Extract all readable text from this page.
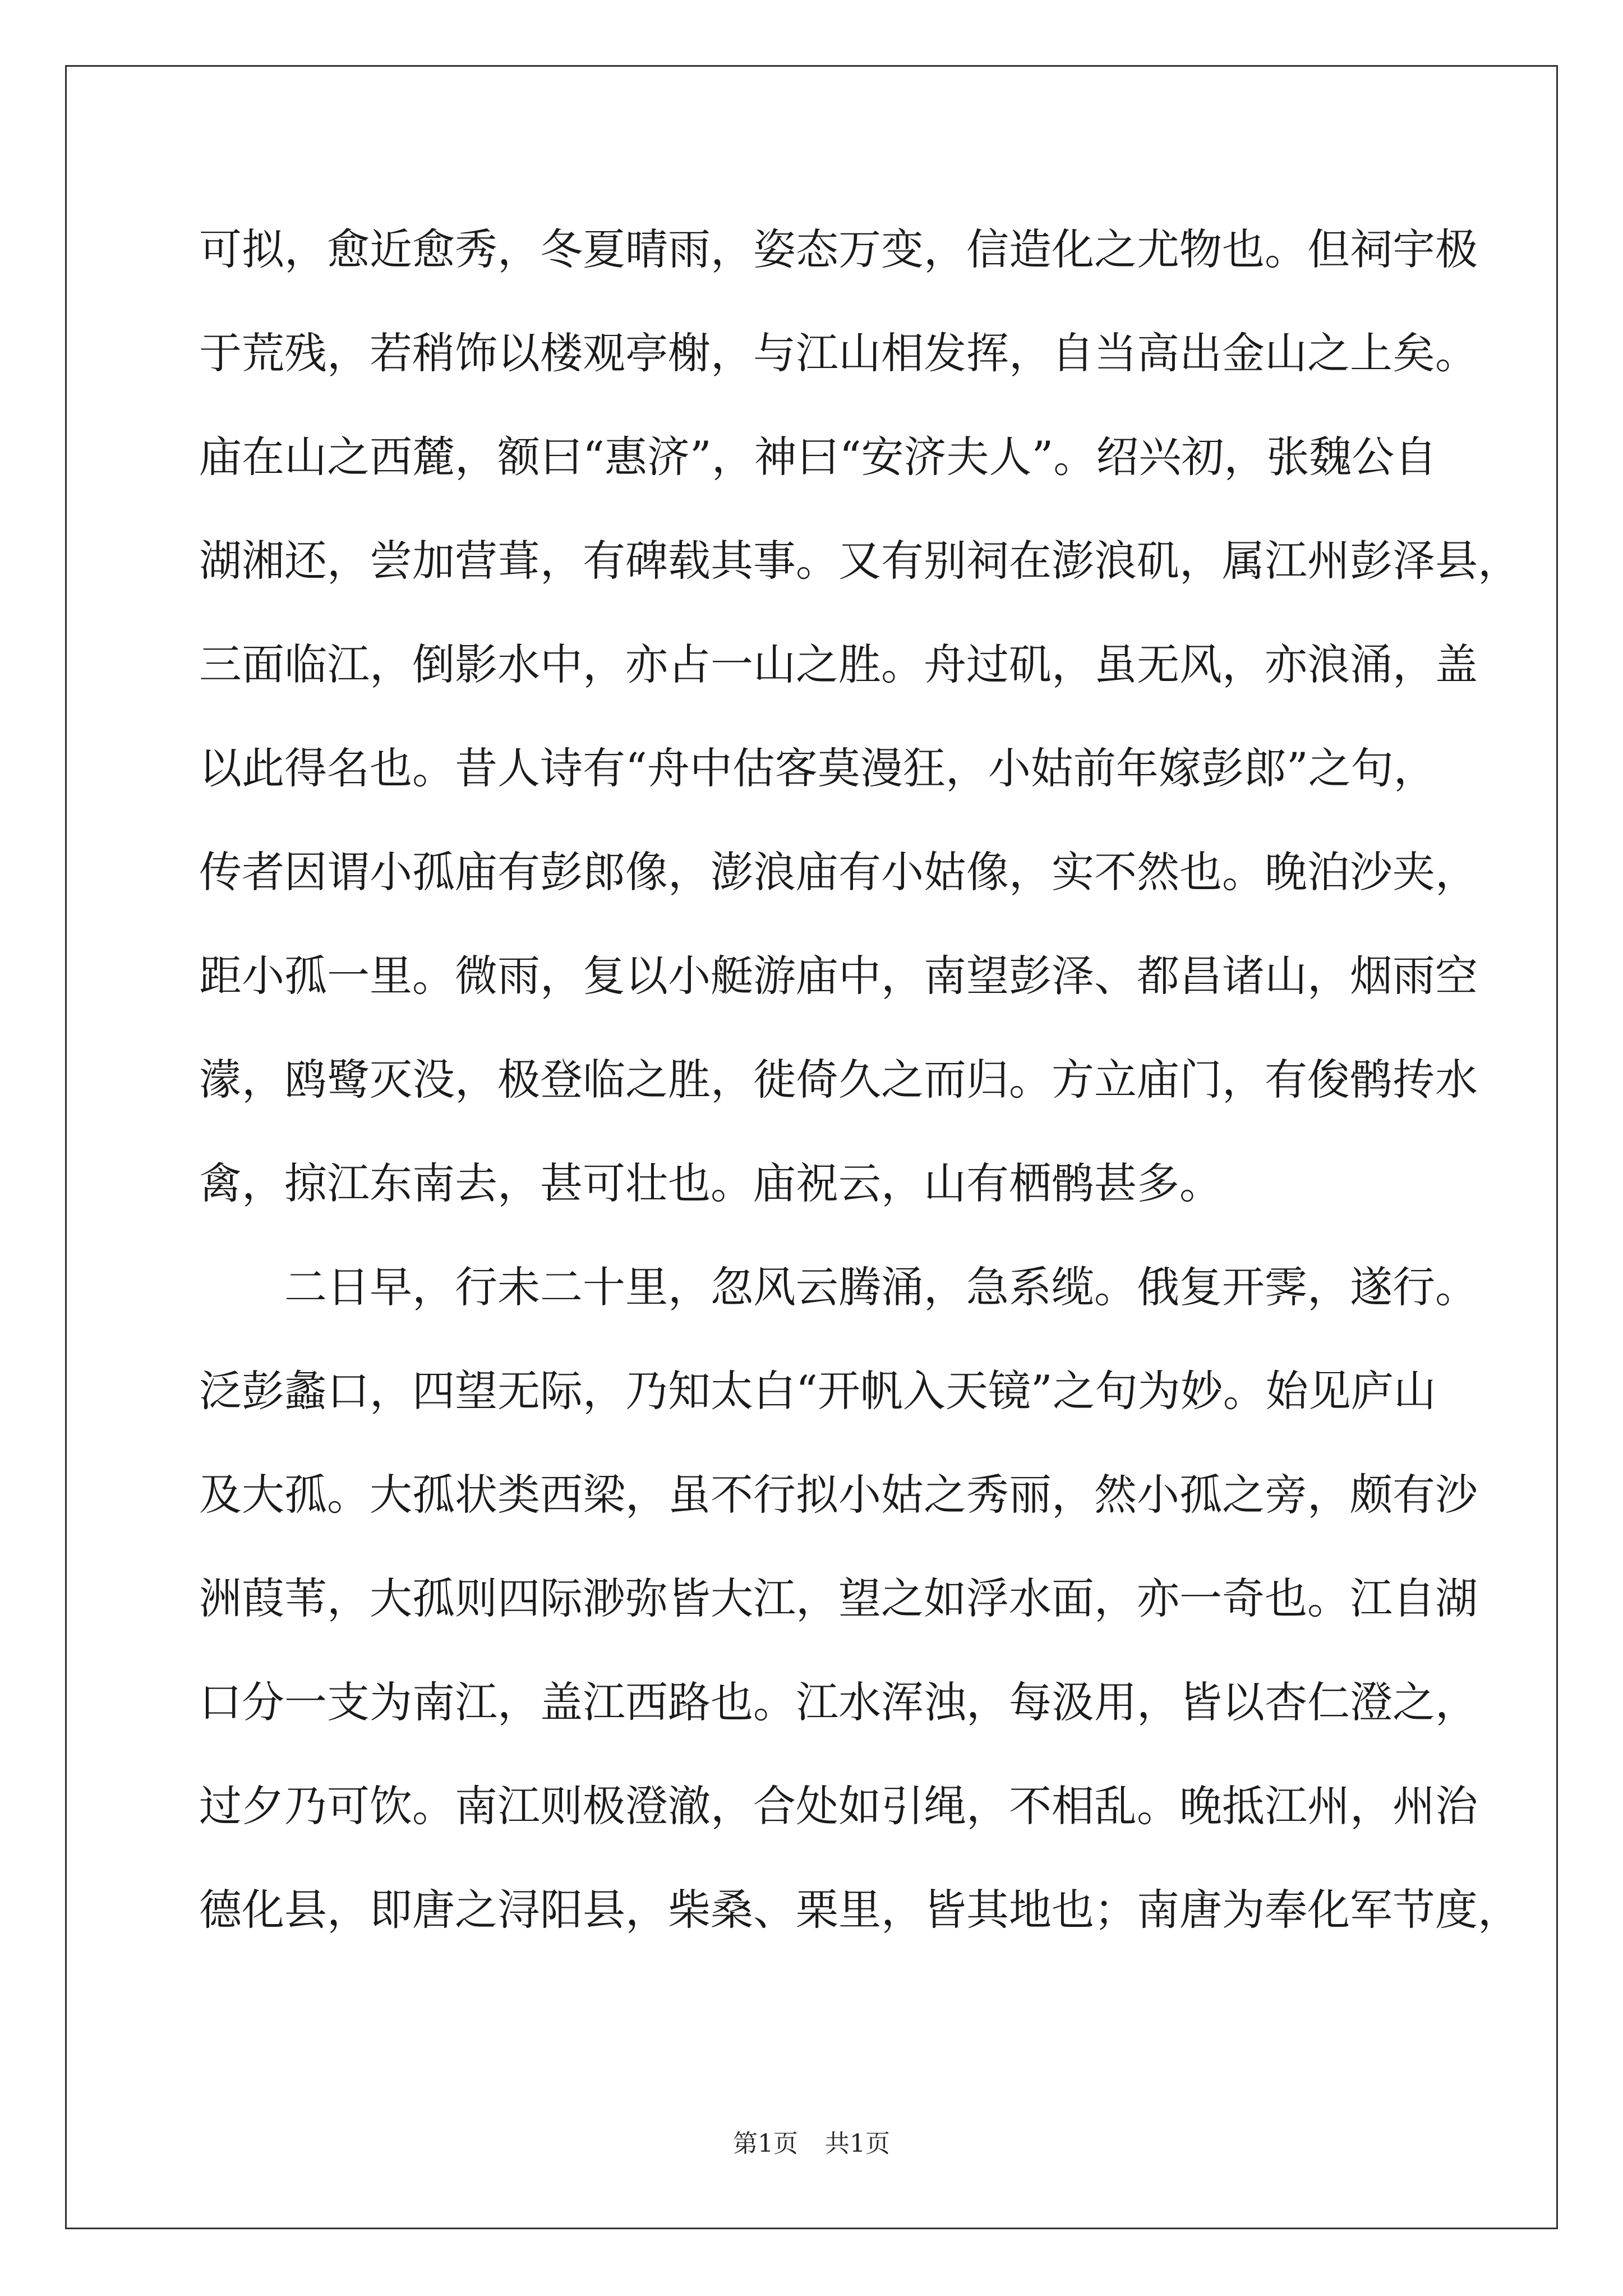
可拟，愈近愈秀，冬夏晴雨，姿态万变，信造化之尤物也。但祠宇极
于荒残，若稍饰以楼观亭榭，与江山相发挥，自当高出金山之上矣。
庙在山之西麓，额曰“惠济”，神曰“安济夫人”。绍兴初，张魏公自
湖湘还，尝加营葺，有碑载其事。又有别祠在澎浪矶，属江州彭泽县，
三面临江，倒影水中，亦占一山之胜。舟过矶，虽无风，亦浪涌，盖
以此得名也。昔人诗有“舟中估客莫漫狂，小姑前年嫁彭郎”之句，
传者因谓小孤庙有彭郎像，澎浪庙有小姑像，实不然也。晚泊沙夹，
距小孤一里。微雨，复以小艇游庙中，南望彭泽、都昌诸山，烟雨空
濛，鸥鹭灭没，极登临之胜，徙倚久之而归。方立庙门，有俊鹘抟水
禽，掠江东南去，甚可壮也。庙祝云，山有栖鹘甚多。
　　二日早，行未二十里，忽风云腾涌，急系缆。俄复开霁，遂行。
泛彭蠡口，四望无际，乃知太白“开帆入天镜”之句为妙。始见庐山
及大孤。大孤状类西梁，虽不行拟小姑之秀丽，然小孤之旁，颇有沙
洲葭苇，大孤则四际渺弥皆大江，望之如浮水面，亦一奇也。江自湖
口分一支为南江，盖江西路也。江水浑浊，每汲用，皆以杏仁澄之，
过夕乃可饮。南江则极澄澈，合处如引绳，不相乱。晚抵江州，州治
德化县，即唐之浔阳县，柴桑、栗里，皆其地也；南唐为奉化军节度，
第1页 共1页
